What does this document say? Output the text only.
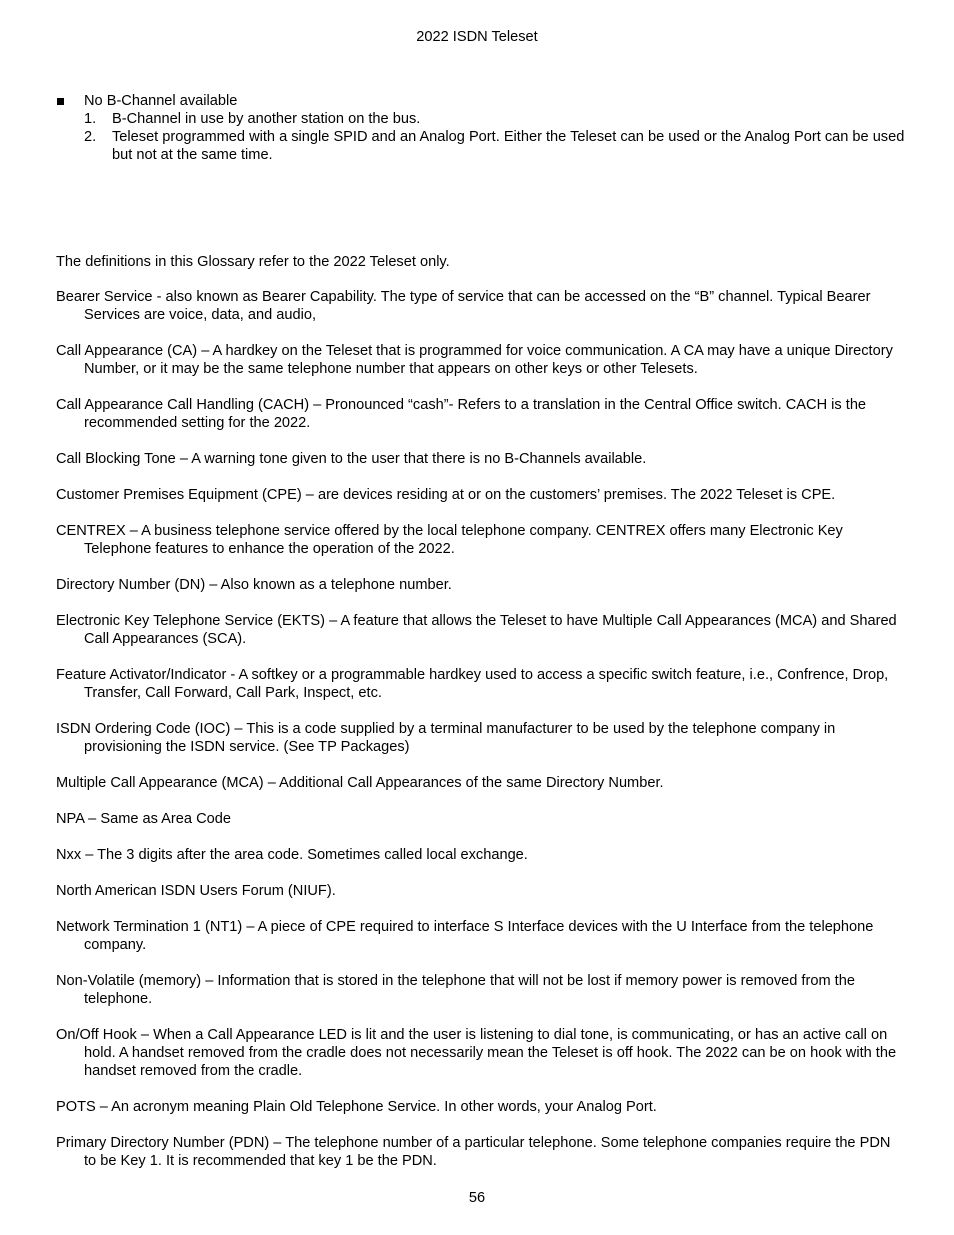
2022 ISDN Teleset

No B-Channel available

1. B-Channel in use by another station on the bus.
2. Teleset programmed with a single SPID and an Analog Port. Either the Teleset can be used or the Analog Port can be used but not at the same time.

The definitions in this Glossary refer to the 2022 Teleset only.

Bearer Service - also known as Bearer Capability. The type of service that can be accessed on the “B” channel. Typical Bearer Services are voice, data, and audio,

Call Appearance (CA) – A hardkey on the Teleset that is programmed for voice communication. A CA may have a unique Directory Number, or it may be the same telephone number that appears on other keys or other Telesets.

Call Appearance Call Handling (CACH) – Pronounced “cash”- Refers to a translation in the Central Office switch. CACH is the recommended setting for the 2022.

Call Blocking Tone – A warning tone given to the user that there is no B-Channels available.

Customer Premises Equipment (CPE) – are devices residing at or on the customers’ premises. The 2022 Teleset is CPE.

CENTREX – A business telephone service offered by the local telephone company. CENTREX offers many Electronic Key Telephone features to enhance the operation of the 2022.

Directory Number (DN) – Also known as a telephone number.

Electronic Key Telephone Service (EKTS) – A feature that allows the Teleset to have Multiple Call Appearances (MCA) and Shared Call Appearances (SCA).

Feature Activator/Indicator - A softkey or a programmable hardkey used to access a specific switch feature, i.e., Confrence, Drop, Transfer, Call Forward, Call Park, Inspect, etc.

ISDN Ordering Code (IOC) – This is a code supplied by a terminal manufacturer to be used by the telephone company in provisioning the ISDN service. (See TP Packages)

Multiple Call Appearance (MCA) – Additional Call Appearances of the same Directory Number.

NPA – Same as Area Code

Nxx – The 3 digits after the area code. Sometimes called local exchange.

North American ISDN Users Forum (NIUF).

Network Termination 1 (NT1) – A piece of CPE required to interface S Interface devices with the U Interface from the telephone company.

Non-Volatile (memory) – Information that is stored in the telephone that will not be lost if memory power is removed from the telephone.

On/Off Hook – When a Call Appearance LED is lit and the user is listening to dial tone, is communicating, or has an active call on hold. A handset removed from the cradle does not necessarily mean the Teleset is off hook. The 2022 can be on hook with the handset removed from the cradle.

POTS – An acronym meaning Plain Old Telephone Service. In other words, your Analog Port.

Primary Directory Number (PDN) – The telephone number of a particular telephone. Some telephone companies require the PDN to be Key 1. It is recommended that key 1 be the PDN.

56
